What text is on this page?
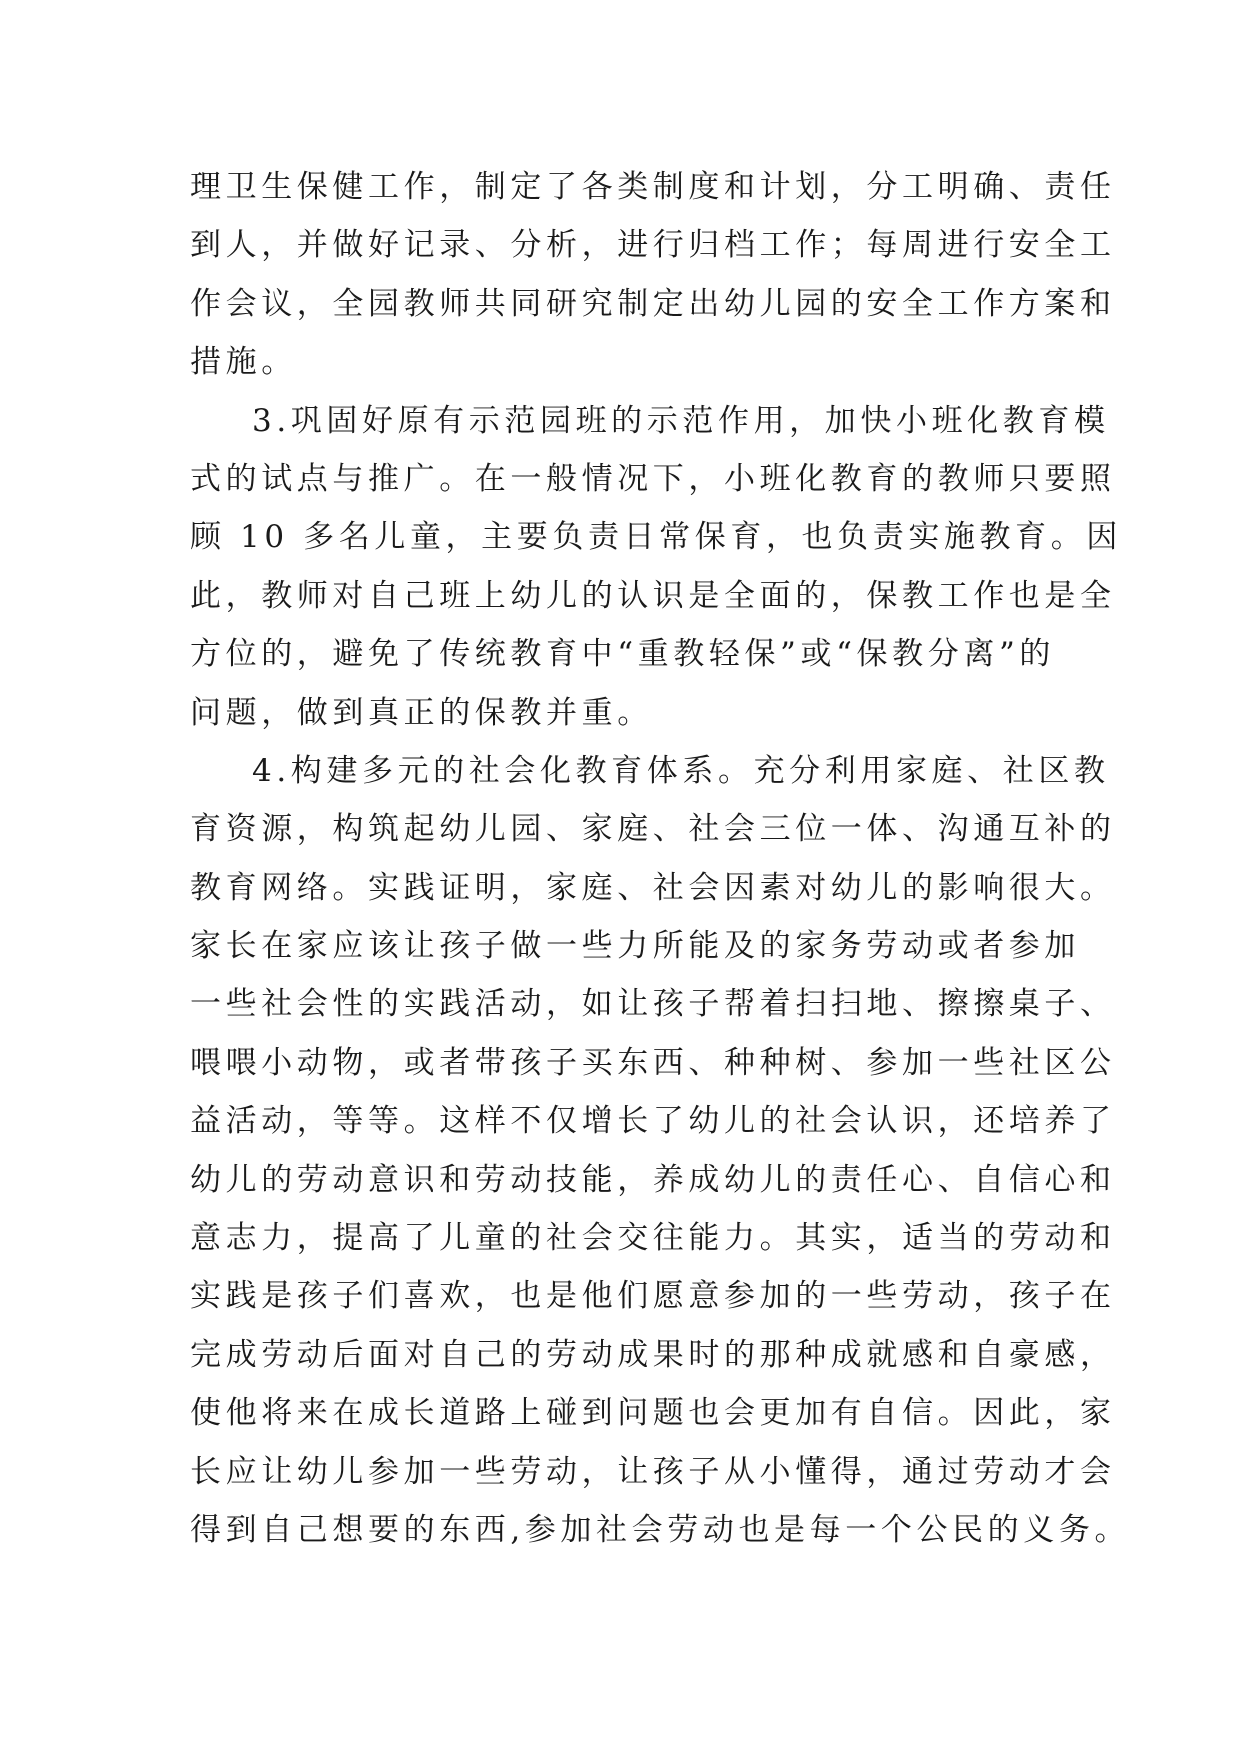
理卫生保健工作，制定了各类制度和计划，分工明确、责任
到人，并做好记录、分析，进行归档工作；每周进行安全工
作会议，全园教师共同研究制定出幼儿园的安全工作方案和
措施。
3.巩固好原有示范园班的示范作用，加快小班化教育模
式的试点与推广。在一般情况下，小班化教育的教师只要照
顾 10 多名儿童，主要负责日常保育，也负责实施教育。因
此，教师对自己班上幼儿的认识是全面的，保教工作也是全
方位的，避免了传统教育中“重教轻保”或“保教分离”的
问题，做到真正的保教并重。
4.构建多元的社会化教育体系。充分利用家庭、社区教
育资源，构筑起幼儿园、家庭、社会三位一体、沟通互补的
教育网络。实践证明，家庭、社会因素对幼儿的影响很大。
家长在家应该让孩子做一些力所能及的家务劳动或者参加
一些社会性的实践活动，如让孩子帮着扫扫地、擦擦桌子、
喂喂小动物，或者带孩子买东西、种种树、参加一些社区公
益活动，等等。这样不仅增长了幼儿的社会认识，还培养了
幼儿的劳动意识和劳动技能，养成幼儿的责任心、自信心和
意志力，提高了儿童的社会交往能力。其实，适当的劳动和
实践是孩子们喜欢，也是他们愿意参加的一些劳动，孩子在
完成劳动后面对自己的劳动成果时的那种成就感和自豪感，
使他将来在成长道路上碰到问题也会更加有自信。因此，家
长应让幼儿参加一些劳动，让孩子从小懂得，通过劳动才会
得到自己想要的东西,参加社会劳动也是每一个公民的义务。
